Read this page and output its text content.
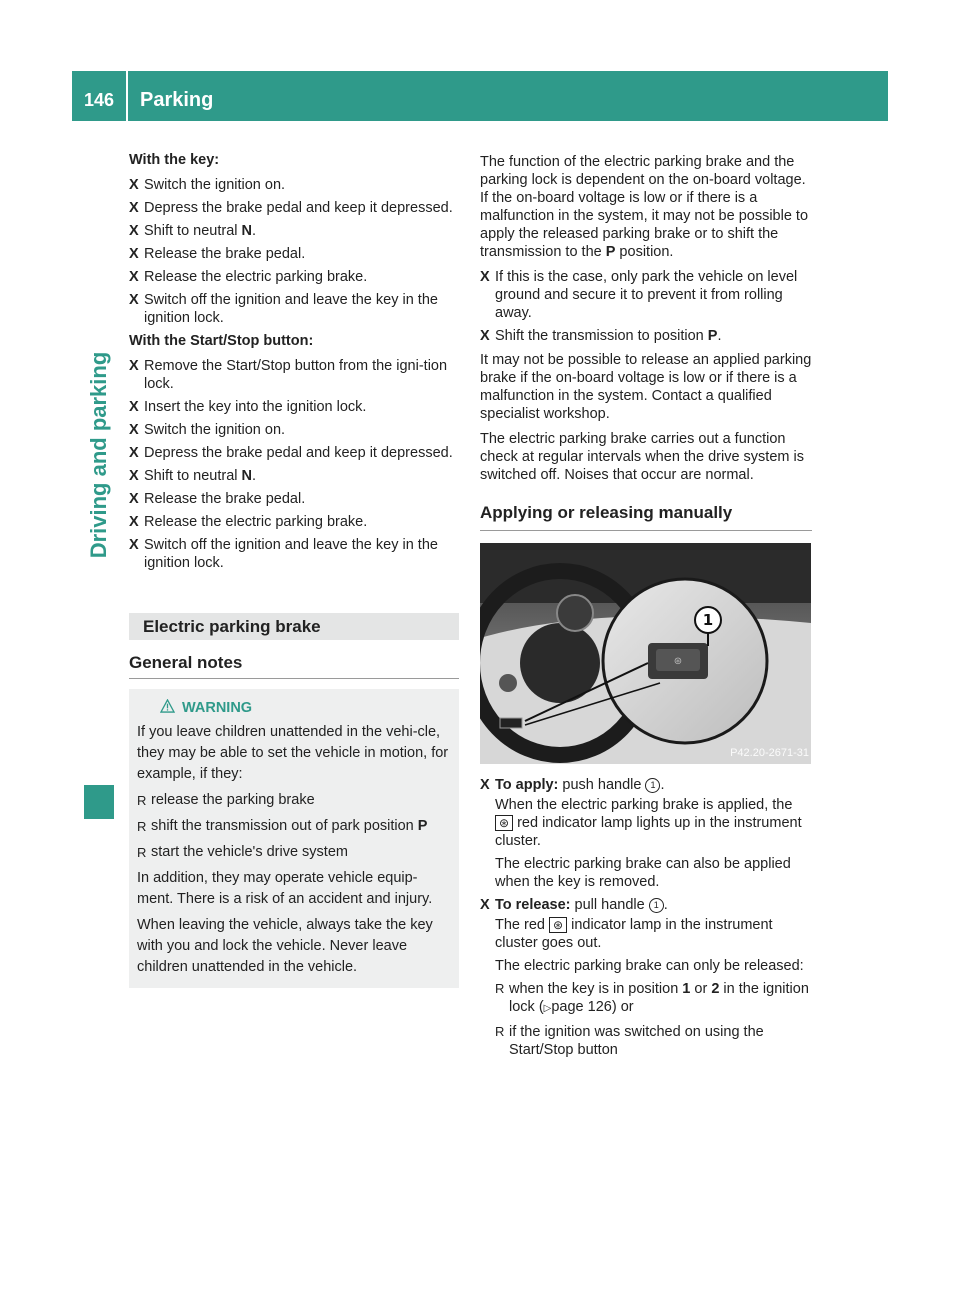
146	Parking
Driving and parking
With the key:
X Switch the ignition on.
X Depress the brake pedal and keep it depressed.
X Shift to neutral N.
X Release the brake pedal.
X Release the electric parking brake.
X Switch off the ignition and leave the key in the ignition lock.
With the Start/Stop button:
X Remove the Start/Stop button from the igni-tion lock.
X Insert the key into the ignition lock.
X Switch the ignition on.
X Depress the brake pedal and keep it depressed.
X Shift to neutral N.
X Release the brake pedal.
X Release the electric parking brake.
X Switch off the ignition and leave the key in the ignition lock.
Electric parking brake
General notes
WARNING
If you leave children unattended in the vehi-cle, they may be able to set the vehicle in motion, for example, if they:
R release the parking brake
R shift the transmission out of park position P
R start the vehicle's drive system
In addition, they may operate vehicle equip-ment. There is a risk of an accident and injury.
When leaving the vehicle, always take the key with you and lock the vehicle. Never leave children unattended in the vehicle.
The function of the electric parking brake and the parking lock is dependent on the on-board voltage. If the on-board voltage is low or if there is a malfunction in the system, it may not be possible to apply the released parking brake or to shift the transmission to the P position.
X If this is the case, only park the vehicle on level ground and secure it to prevent it from rolling away.
X Shift the transmission to position P.
It may not be possible to release an applied parking brake if the on-board voltage is low or if there is a malfunction in the system. Contact a qualified specialist workshop.
The electric parking brake carries out a function check at regular intervals when the drive system is switched off. Noises that occur are normal.
Applying or releasing manually
⊛
1
P42.20-2671-31
X To apply: push handle 1 .
When the electric parking brake is applied, the ⊛ red indicator lamp lights up in the instrument cluster.
The electric parking brake can also be applied when the key is removed.
X To release: pull handle 1 .
The red ⊛ indicator lamp in the instrument cluster goes out.
The electric parking brake can only be released:
R when the key is in position 1 or 2 in the ignition lock (▷page 126) or
R if the ignition was switched on using the Start/Stop button
